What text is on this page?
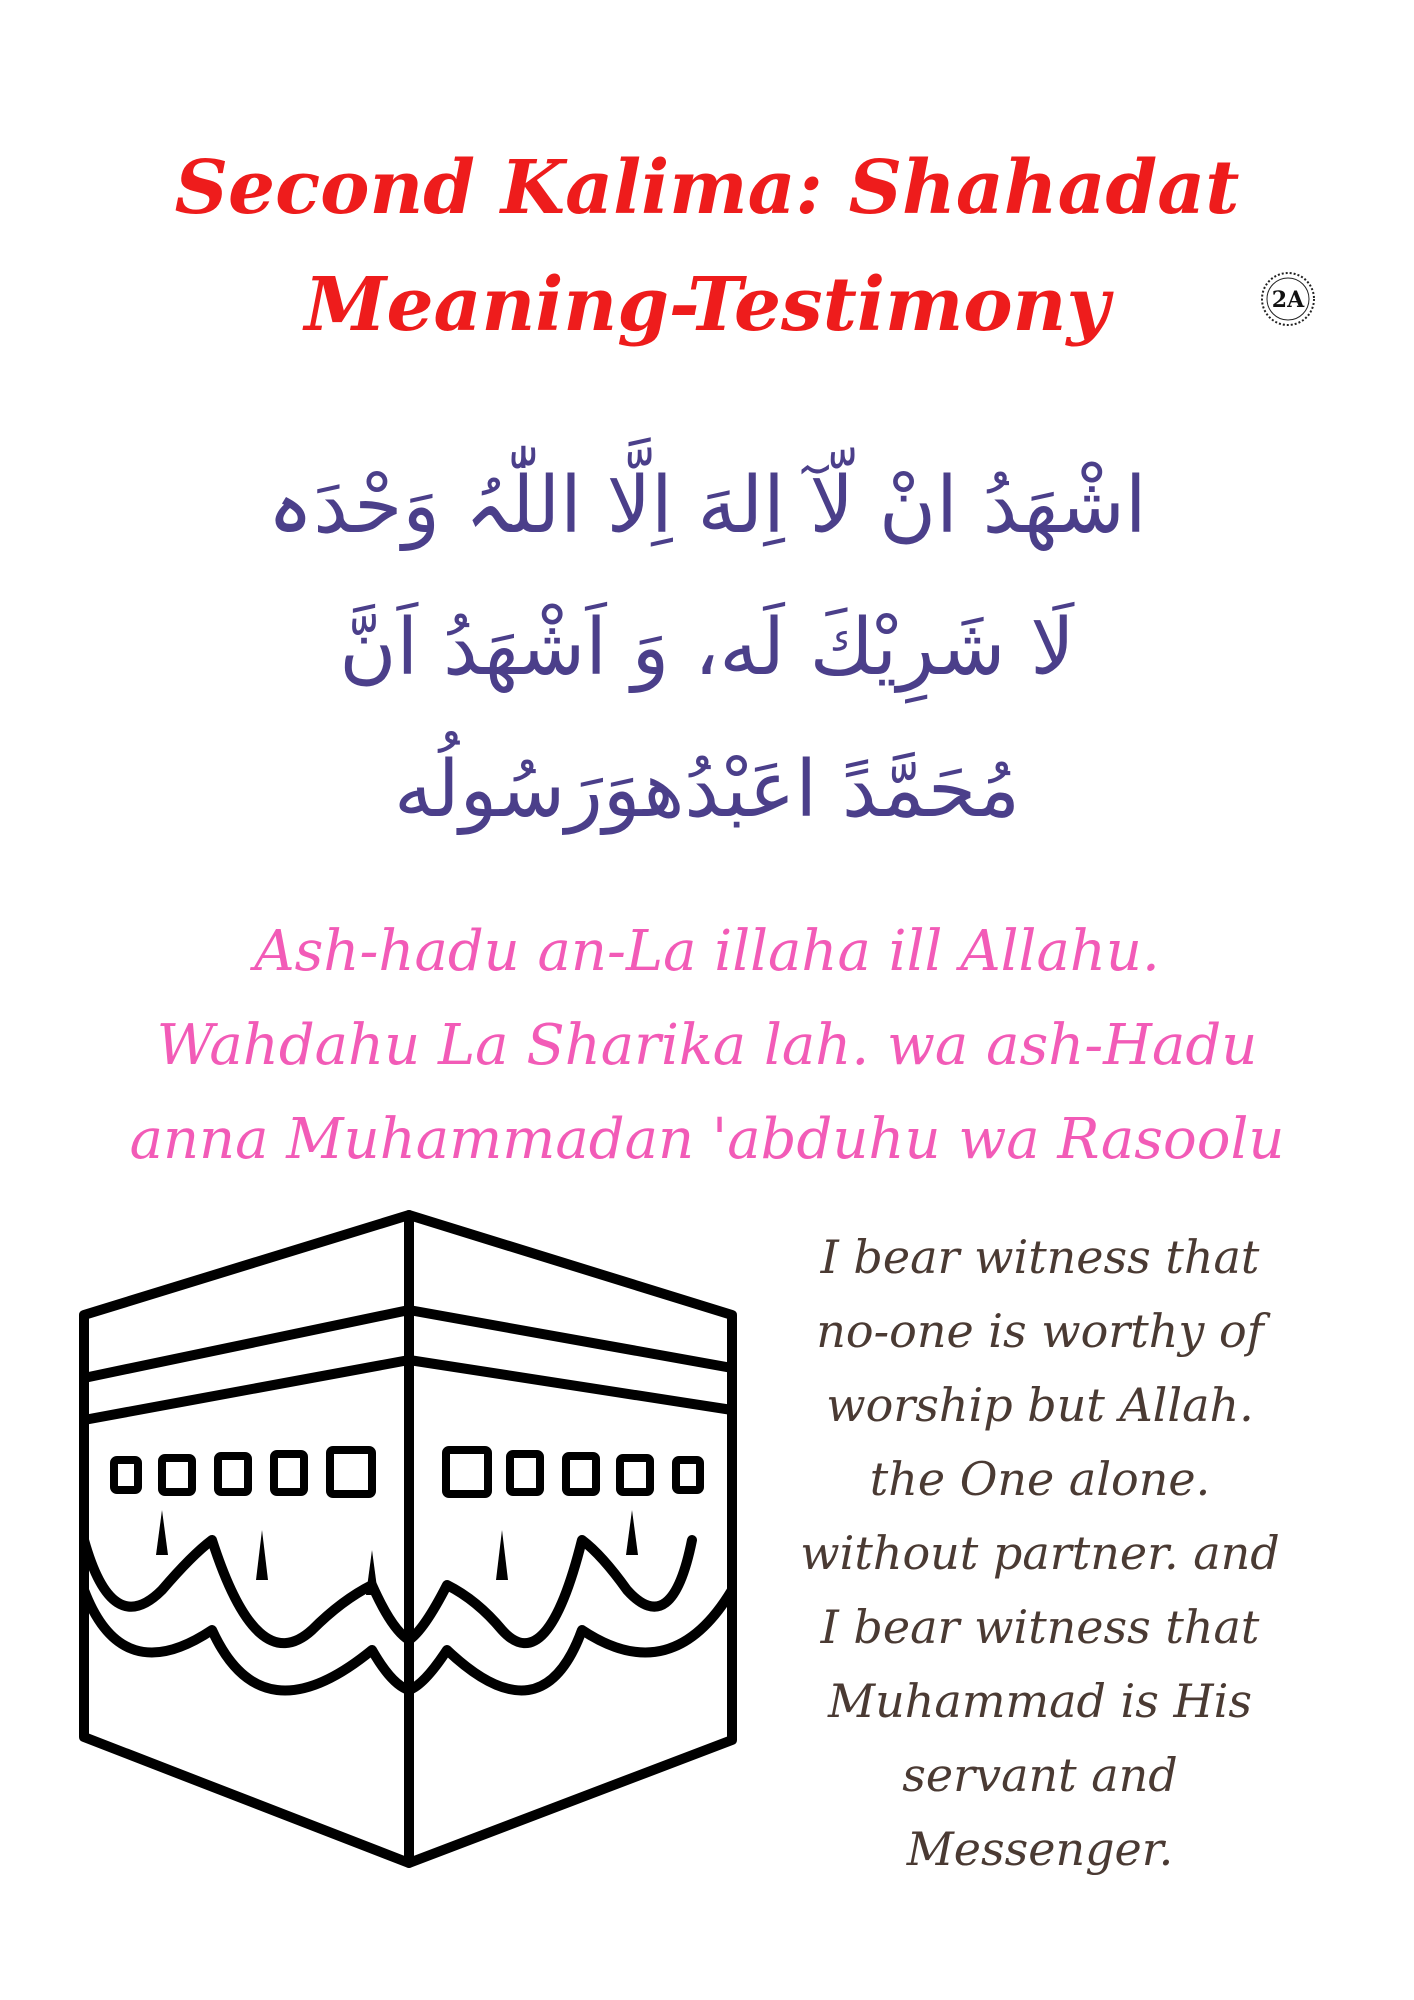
Second Kalima: Shahadat
Meaning-Testimony	2A

اشْهَدُ انْ لّآ اِلهَ اِلَّا اللّٰہُ وَحْدَہ

لَا شَرِيْكَ لَه، وَ اَشْهَدُ اَنَّ

مُحَمَّدً اعَبْدُهوَرَسُولُه

Ash-hadu an-La illaha ill Allahu.

Wahdahu La Sharika lah. wa ash-Hadu

anna Muhammadan 'abduhu wa Rasoolu

I bear witness that

no-one is worthy of

worship but Allah.

the One alone.

without partner. and

I bear witness that

Muhammad is His

servant and

Messenger.
